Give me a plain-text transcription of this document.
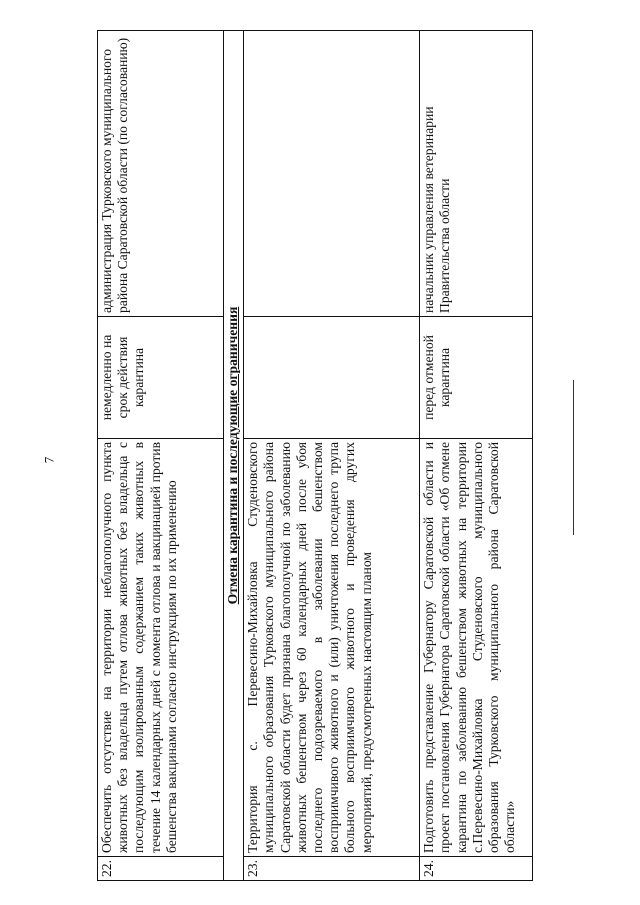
7
22.	Обеспечить отсутствие на территории неблагополучного пункта животных без владельца путем отлова животных без владельца с последующим изолированным содержанием таких животных в течение 14 календарных дней с момента отлова и вакцинацией против бешенства вакцинами согласно инструкциям по их применению	немедленно на срок действия карантина	администрация Турковского муниципального района Саратовской области (по согласованию)
Отмена карантина и последующие ограничения			
23.	Территория с. Перевесино-Михайловка Студеновского муниципального образования Турковского муниципального района Саратовской области будет признана благополучной по заболеванию животных бешенством через 60 календарных дней после убоя последнего подозреваемого в заболевании бешенством восприимчивого животного и (или) уничтожения последнего трупа больного восприимчивого животного и проведения других мероприятий, предусмотренных настоящим планом		
24.	Подготовить представление Губернатору Саратовской области и проект постановления Губернатора Саратовской области «Об отмене карантина по заболеванию бешенством животных на территории с.Перевесино-Михайловка Студеновского муниципального образования Турковского муниципального района Саратовской области»	перед отменой карантина	начальник управления ветеринарии Правительства области
